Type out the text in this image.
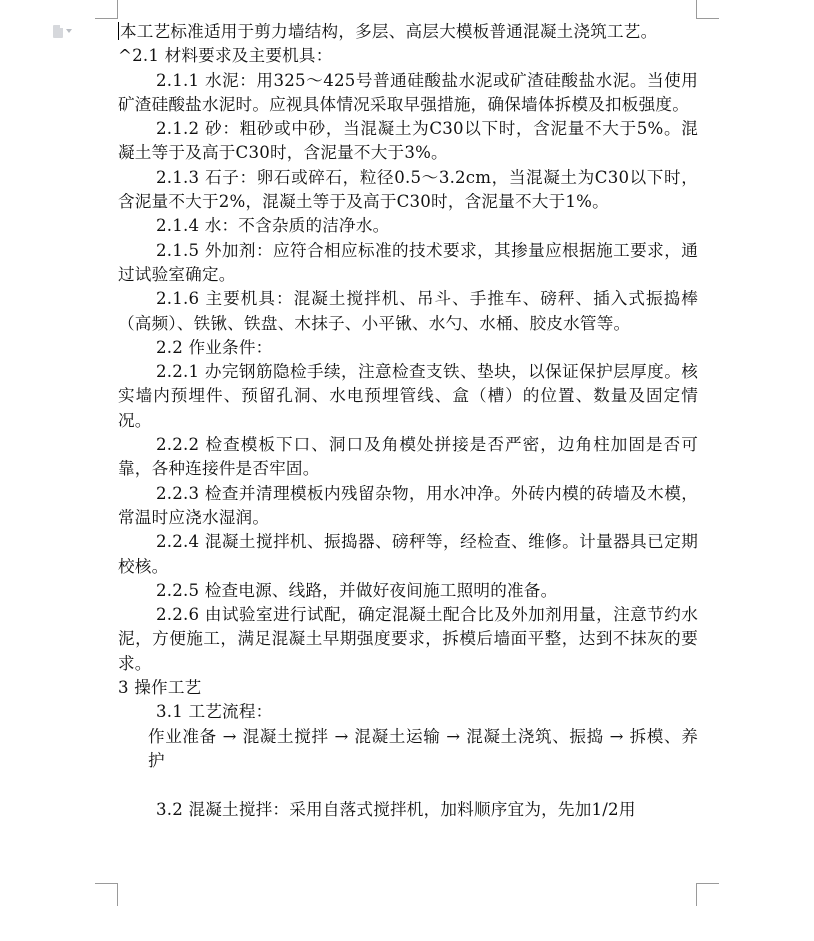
本工艺标准适用于剪力墙结构，多层、高层大模板普通混凝土浇筑工艺。

^2.1 材料要求及主要机具：

2.1.1 水泥：用325～425号普通硅酸盐水泥或矿渣硅酸盐水泥。当使用矿渣硅酸盐水泥时。应视具体情况采取早强措施，确保墙体拆模及扣板强度。

2.1.2 砂：粗砂或中砂，当混凝土为C30以下时，含泥量不大于5%。混凝土等于及高于C30时，含泥量不大于3%。

2.1.3 石子：卵石或碎石，粒径0.5～3.2cm，当混凝土为C30以下时，含泥量不大于2%，混凝土等于及高于C30时，含泥量不大于1%。

2.1.4 水：不含杂质的洁净水。

2.1.5 外加剂：应符合相应标准的技术要求，其掺量应根据施工要求，通过试验室确定。

2.1.6 主要机具：混凝土搅拌机、吊斗、手推车、磅秤、插入式振捣棒（高频）、铁锹、铁盘、木抹子、小平锹、水勺、水桶、胶皮水管等。

2.2 作业条件：

2.2.1 办完钢筋隐检手续，注意检查支铁、垫块，以保证保护层厚度。核实墙内预埋件、预留孔洞、水电预埋管线、盒（槽）的位置、数量及固定情况。

2.2.2 检查模板下口、洞口及角模处拼接是否严密，边角柱加固是否可靠，各种连接件是否牢固。

2.2.3 检查并清理模板内残留杂物，用水冲净。外砖内模的砖墙及木模，常温时应浇水湿润。

2.2.4 混凝土搅拌机、振捣器、磅秤等，经检查、维修。计量器具已定期校核。

2.2.5 检查电源、线路，并做好夜间施工照明的准备。

2.2.6 由试验室进行试配，确定混凝土配合比及外加剂用量，注意节约水泥，方便施工，满足混凝土早期强度要求，拆模后墙面平整，达到不抹灰的要求。

3 操作工艺

3.1 工艺流程：

作业准备 → 混凝土搅拌 → 混凝土运输 → 混凝土浇筑、振捣 → 拆模、养护

3.2 混凝土搅拌：采用自落式搅拌机，加料顺序宜为，先加1/2用
